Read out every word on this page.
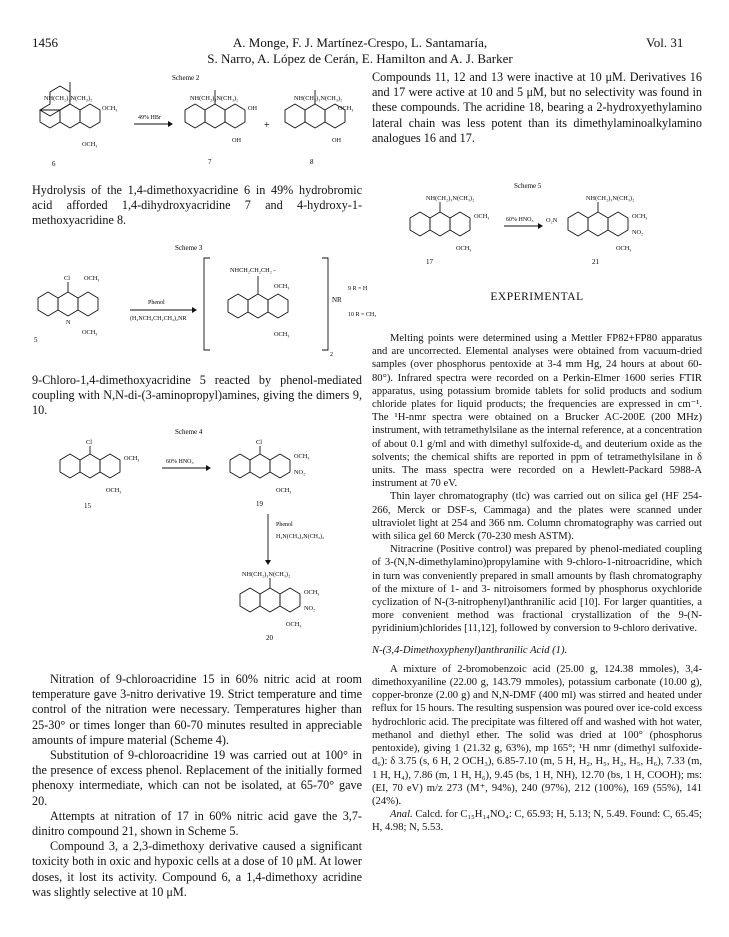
1456	A. Monge, F. J. Martínez-Crespo, L. Santamaría,
S. Narro, A. López de Cerán, E. Hamilton and A. J. Barker
Vol. 31
Scheme 2
NH(CH₂)₃N(CH₃)₂
OCH₃
OCH₃
6
49% HBr
NH(CH₂)₃N(CH₃)₂
OH
OH
7
+
NH(CH₂)₃N(CH₃)₂
OCH₃
OH
8
Hydrolysis of the 1,4-dimethoxyacridine 6 in 49% hydrobromic acid afforded 1,4-dihydroxyacridine 7 and 4-hydroxy-1-methoxyacridine 8.
Scheme 3
Cl OCH₃
N
OCH₃
5
Phenol
(H₂NCH₂CH₂CH₂)₂NR
NHCH₂CH₂CH₂ -
OCH₃
OCH₃
NR
2
9 R = H
10 R = CH₃
9-Chloro-1,4-dimethoxyacridine 5 reacted by phenol-mediated coupling with N,N-di-(3-aminopropyl)amines, giving the dimers 9, 10.
Scheme 4
Cl
OCH₃
OCH₃
15
60% HNO₃
Cl
OCH₃
NO₂
OCH₃
19
Phenol
H₂N(CH₂)₃N(CH₃)₂
NH(CH₂)₃N(CH₃)₂
OCH₃
NO₂
OCH₃
20

Nitration of 9-chloroacridine 15 in 60% nitric acid at room temperature gave 3-nitro derivative 19. Strict temperature and time control of the nitration were necessary. Temperatures higher than 25-30° or times longer than 60-70 minutes resulted in appreciable amounts of impure material (Scheme 4).

Substitution of 9-chloroacridine 19 was carried out at 100° in the presence of excess phenol. Replacement of the initially formed phenoxy intermediate, which can not be isolated, at 65-70° gave 20.

Attempts at nitration of 17 in 60% nitric acid gave the 3,7-dinitro compound 21, shown in Scheme 5.

Compound 3, a 2,3-dimethoxy derivative caused a significant toxicity both in oxic and hypoxic cells at a dose of 10 μM. At lower doses, it lost its activity. Compound 6, a 1,4-dimethoxy acridine was slightly selective at 10 μM.

Compounds 11, 12 and 13 were inactive at 10 μM. Derivatives 16 and 17 were active at 10 and 5 μM, but no selectivity was found in these compounds. The acridine 18, bearing a 2-hydroxyethylamino lateral chain was less potent than its dimethylaminoalkylamino analogues 16 and 17.
Scheme 5
NH(CH₂)₃N(CH₃)₂
OCH₃
OCH₃
17
60% HNO₃ O₂N
NH(CH₂)₃N(CH₃)₂
OCH₃
NO₂
OCH₃
21
EXPERIMENTAL

Melting points were determined using a Mettler FP82+FP80 apparatus and are uncorrected. Elemental analyses were obtained from vacuum-dried samples (over phosphorus pentoxide at 3-4 mm Hg, 24 hours at about 60-80°). Infrared spectra were recorded on a Perkin-Elmer 1600 series FTIR apparatus, using potassium bromide tablets for solid products and sodium chloride plates for liquid products; the frequencies are expressed in cm⁻¹. The ¹H-nmr spectra were obtained on a Brucker AC-200E (200 MHz) instrument, with tetramethylsilane as the internal reference, at a concentration of about 0.1 g/ml and with dimethyl sulfoxide-d₆ and deuterium oxide as the solvents; the chemical shifts are reported in ppm of tetramethylsilane in δ units. The mass spectra were recorded on a Hewlett-Packard 5988-A instrument at 70 eV.

Thin layer chromatography (tlc) was carried out on silica gel (HF 254-266, Merck or DSF-s, Cammaga) and the plates were scanned under ultraviolet light at 254 and 366 nm. Column chromatography was carried out with silica gel 60 Merck (70-230 mesh ASTM).

Nitracrine (Positive control) was prepared by phenol-mediated coupling of 3-(N,N-dimethylamino)propylamine with 9-chloro-1-nitroacridine, which in turn was conveniently prepared in small amounts by flash chromatography of the mixture of 1- and 3- nitroisomers formed by phosphorus oxychloride cyclization of N-(3-nitrophenyl)anthranilic acid [10]. For larger quantities, a more convenient method was fractional crystallization of the 9-(N-pyridinium)chlorides [11,12], followed by conversion to 9-chloro derivative.

N-(3,4-Dimethoxyphenyl)anthranilic Acid (1).

A mixture of 2-bromobenzoic acid (25.00 g, 124.38 mmoles), 3,4-dimethoxyaniline (22.00 g, 143.79 mmoles), potassium carbonate (10.00 g), copper-bronze (2.00 g) and N,N-DMF (400 ml) was stirred and heated under reflux for 15 hours. The resulting suspension was poured over ice-cold excess hydrochloric acid. The precipitate was filtered off and washed with hot water, methanol and diethyl ether. The solid was dried at 100° (phosphorus pentoxide), giving 1 (21.32 g, 63%), mp 165°; ¹H nmr (dimethyl sulfoxide-d₆): δ 3.75 (s, 6 H, 2 OCH₃), 6.85-7.10 (m, 5 H, H₂, H₅, H₂, H₅, H₆), 7.33 (m, 1 H, H₄), 7.86 (m, 1 H, H₆), 9.45 (bs, 1 H, NH), 12.70 (bs, 1 H, COOH); ms: (EI, 70 eV) m/z 273 (M⁺, 94%), 240 (97%), 212 (100%), 169 (55%), 141 (24%).

Anal. Calcd. for C₁₅H₁₄NO₄: C, 65.93; H, 5.13; N, 5.49. Found: C, 65.45; H, 4.98; N, 5.53.
